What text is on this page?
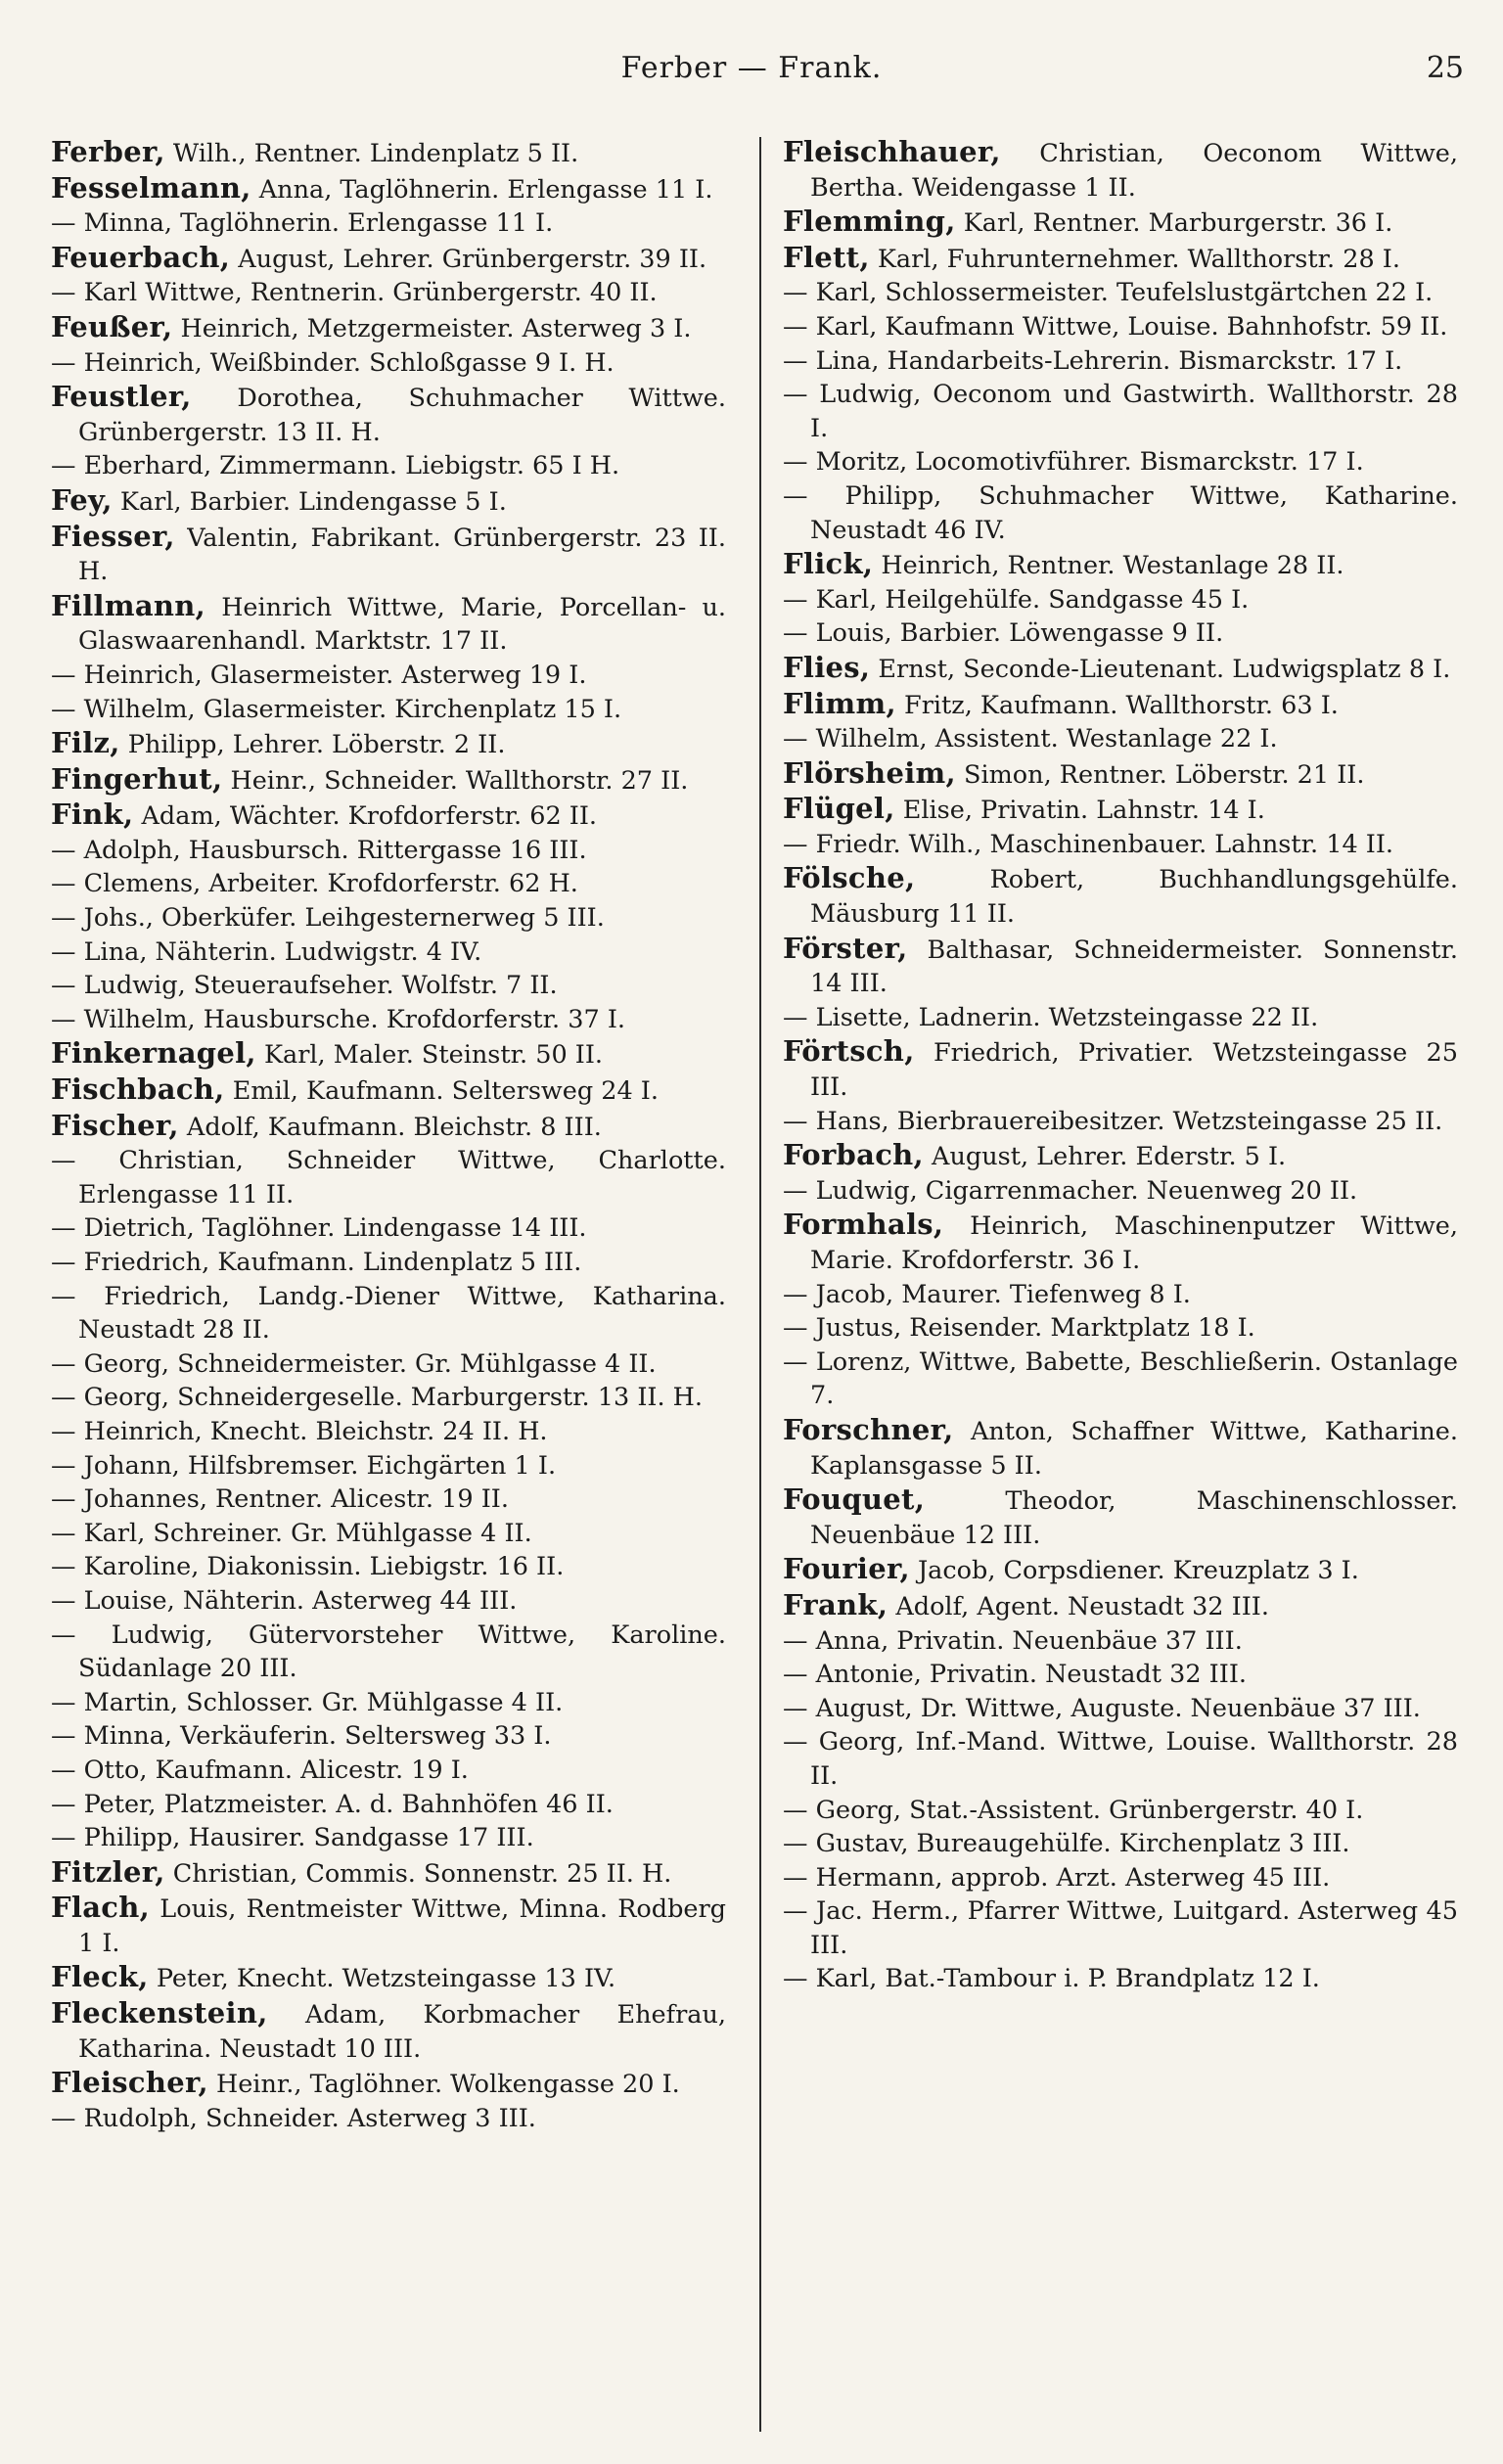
Ferber — Frank.	25

Ferber, Wilh., Rentner. Lindenplatz 5 II.

Fesselmann, Anna, Taglöhnerin. Erlengasse 11 I.

— Minna, Taglöhnerin. Erlengasse 11 I.

Feuerbach, August, Lehrer. Grünbergerstr. 39 II.

— Karl Wittwe, Rentnerin. Grünbergerstr. 40 II.

Feußer, Heinrich, Metzgermeister. Asterweg 3 I.

— Heinrich, Weißbinder. Schloßgasse 9 I. H.

Feustler, Dorothea, Schuhmacher Wittwe. Grünbergerstr. 13 II. H.

— Eberhard, Zimmermann. Liebigstr. 65 I H.

Fey, Karl, Barbier. Lindengasse 5 I.

Fiesser, Valentin, Fabrikant. Grünbergerstr. 23 II. H.

Fillmann, Heinrich Wittwe, Marie, Porcellan- u. Glaswaarenhandl. Marktstr. 17 II.

— Heinrich, Glasermeister. Asterweg 19 I.

— Wilhelm, Glasermeister. Kirchenplatz 15 I.

Filz, Philipp, Lehrer. Löberstr. 2 II.

Fingerhut, Heinr., Schneider. Wallthorstr. 27 II.

Fink, Adam, Wächter. Krofdorferstr. 62 II.

— Adolph, Hausbursch. Rittergasse 16 III.

— Clemens, Arbeiter. Krofdorferstr. 62 H.

— Johs., Oberküfer. Leihgesternerweg 5 III.

— Lina, Nähterin. Ludwigstr. 4 IV.

— Ludwig, Steueraufseher. Wolfstr. 7 II.

— Wilhelm, Hausbursche. Krofdorferstr. 37 I.

Finkernagel, Karl, Maler. Steinstr. 50 II.

Fischbach, Emil, Kaufmann. Seltersweg 24 I.

Fischer, Adolf, Kaufmann. Bleichstr. 8 III.

— Christian, Schneider Wittwe, Charlotte. Erlengasse 11 II.

— Dietrich, Taglöhner. Lindengasse 14 III.

— Friedrich, Kaufmann. Lindenplatz 5 III.

— Friedrich, Landg.-Diener Wittwe, Katharina. Neustadt 28 II.

— Georg, Schneidermeister. Gr. Mühlgasse 4 II.

— Georg, Schneidergeselle. Marburgerstr. 13 II. H.

— Heinrich, Knecht. Bleichstr. 24 II. H.

— Johann, Hilfsbremser. Eichgärten 1 I.

— Johannes, Rentner. Alicestr. 19 II.

— Karl, Schreiner. Gr. Mühlgasse 4 II.

— Karoline, Diakonissin. Liebigstr. 16 II.

— Louise, Nähterin. Asterweg 44 III.

— Ludwig, Gütervorsteher Wittwe, Karoline. Südanlage 20 III.

— Martin, Schlosser. Gr. Mühlgasse 4 II.

— Minna, Verkäuferin. Seltersweg 33 I.

— Otto, Kaufmann. Alicestr. 19 I.

— Peter, Platzmeister. A. d. Bahnhöfen 46 II.

— Philipp, Hausirer. Sandgasse 17 III.

Fitzler, Christian, Commis. Sonnenstr. 25 II. H.

Flach, Louis, Rentmeister Wittwe, Minna. Rodberg 1 I.

Fleck, Peter, Knecht. Wetzsteingasse 13 IV.

Fleckenstein, Adam, Korbmacher Ehefrau, Katharina. Neustadt 10 III.

Fleischer, Heinr., Taglöhner. Wolkengasse 20 I.

— Rudolph, Schneider. Asterweg 3 III.

Fleischhauer, Christian, Oeconom Wittwe, Bertha. Weidengasse 1 II.

Flemming, Karl, Rentner. Marburgerstr. 36 I.

Flett, Karl, Fuhrunternehmer. Wallthorstr. 28 I.

— Karl, Schlossermeister. Teufelslustgärtchen 22 I.

— Karl, Kaufmann Wittwe, Louise. Bahnhofstr. 59 II.

— Lina, Handarbeits-Lehrerin. Bismarckstr. 17 I.

— Ludwig, Oeconom und Gastwirth. Wallthorstr. 28 I.

— Moritz, Locomotivführer. Bismarckstr. 17 I.

— Philipp, Schuhmacher Wittwe, Katharine. Neustadt 46 IV.

Flick, Heinrich, Rentner. Westanlage 28 II.

— Karl, Heilgehülfe. Sandgasse 45 I.

— Louis, Barbier. Löwengasse 9 II.

Flies, Ernst, Seconde-Lieutenant. Ludwigsplatz 8 I.

Flimm, Fritz, Kaufmann. Wallthorstr. 63 I.

— Wilhelm, Assistent. Westanlage 22 I.

Flörsheim, Simon, Rentner. Löberstr. 21 II.

Flügel, Elise, Privatin. Lahnstr. 14 I.

— Friedr. Wilh., Maschinenbauer. Lahnstr. 14 II.

Fölsche, Robert, Buchhandlungsgehülfe. Mäusburg 11 II.

Förster, Balthasar, Schneidermeister. Sonnenstr. 14 III.

— Lisette, Ladnerin. Wetzsteingasse 22 II.

Förtsch, Friedrich, Privatier. Wetzsteingasse 25 III.

— Hans, Bierbrauereibesitzer. Wetzsteingasse 25 II.

Forbach, August, Lehrer. Ederstr. 5 I.

— Ludwig, Cigarrenmacher. Neuenweg 20 II.

Formhals, Heinrich, Maschinenputzer Wittwe, Marie. Krofdorferstr. 36 I.

— Jacob, Maurer. Tiefenweg 8 I.

— Justus, Reisender. Marktplatz 18 I.

— Lorenz, Wittwe, Babette, Beschließerin. Ostanlage 7.

Forschner, Anton, Schaffner Wittwe, Katharine. Kaplansgasse 5 II.

Fouquet, Theodor, Maschinenschlosser. Neuenbäue 12 III.

Fourier, Jacob, Corpsdiener. Kreuzplatz 3 I.

Frank, Adolf, Agent. Neustadt 32 III.

— Anna, Privatin. Neuenbäue 37 III.

— Antonie, Privatin. Neustadt 32 III.

— August, Dr. Wittwe, Auguste. Neuenbäue 37 III.

— Georg, Inf.-Mand. Wittwe, Louise. Wallthorstr. 28 II.

— Georg, Stat.-Assistent. Grünbergerstr. 40 I.

— Gustav, Bureaugehülfe. Kirchenplatz 3 III.

— Hermann, approb. Arzt. Asterweg 45 III.

— Jac. Herm., Pfarrer Wittwe, Luitgard. Asterweg 45 III.

— Karl, Bat.-Tambour i. P. Brandplatz 12 I.
